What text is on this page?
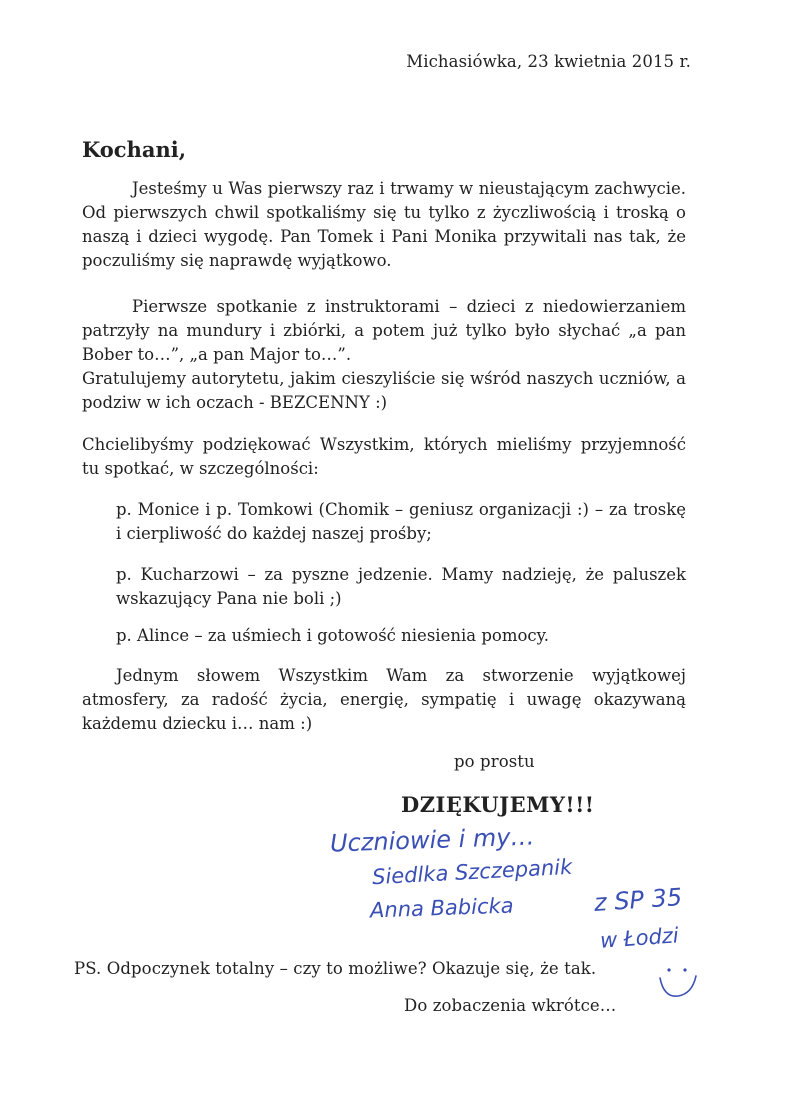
Michasiówka, 23 kwietnia 2015 r.
Kochani,
Jesteśmy u Was pierwszy raz i trwamy w nieustającym zachwycie. Od pierwszych chwil spotkaliśmy się tu tylko z życzliwością i troską o naszą i dzieci wygodę. Pan Tomek i Pani Monika przywitali nas tak, że poczuliśmy się naprawdę wyjątkowo.
Pierwsze spotkanie z instruktorami – dzieci z niedowierzaniem patrzyły na mundury i zbiórki, a potem już tylko było słychać „a pan Bober to…”, „a pan Major to…”.
Gratulujemy autorytetu, jakim cieszyliście się wśród naszych uczniów, a podziw w ich oczach - BEZCENNY :)
Chcielibyśmy podziękować Wszystkim, których mieliśmy przyjemność tu spotkać, w szczególności:
p. Monice i p. Tomkowi (Chomik – geniusz organizacji :) – za troskę i cierpliwość do każdej naszej prośby;
p. Kucharzowi – za pyszne jedzenie. Mamy nadzieję, że paluszek wskazujący Pana nie boli ;)
p. Alince – za uśmiech i gotowość niesienia pomocy.
Jednym słowem Wszystkim Wam za stworzenie wyjątkowej atmosfery, za radość życia, energię, sympatię i uwagę okazywaną każdemu dziecku i… nam :)
po prostu
DZIĘKUJEMY!!!
Uczniowie i my…
Siedlka Szczepanik
Anna Babicka	z SP 35
w Łodzi
PS. Odpoczynek totalny – czy to możliwe? Okazuje się, że tak.
Do zobaczenia wkrótce…
